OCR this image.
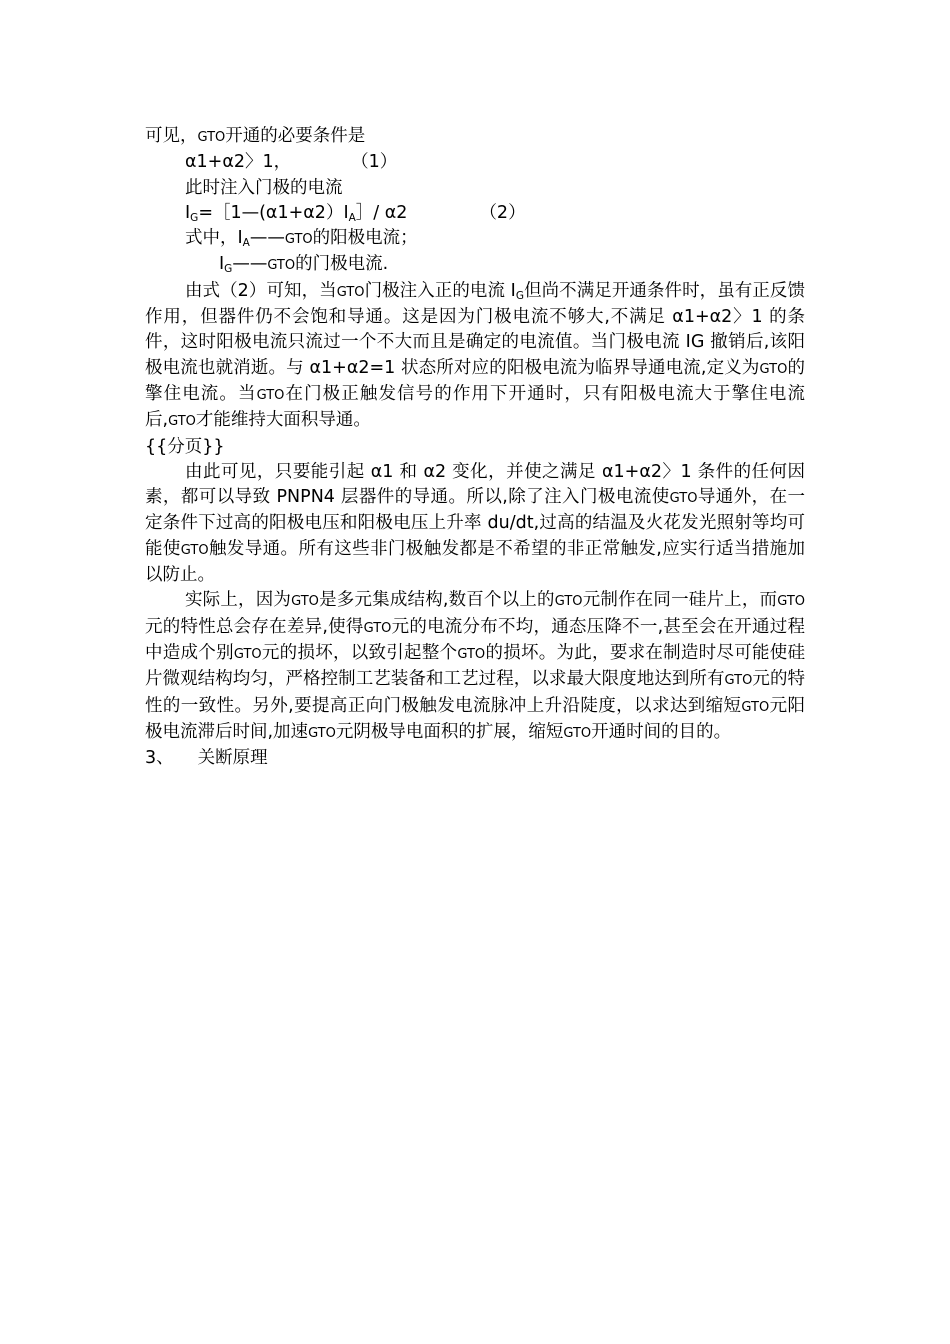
可见，GTO开通的必要条件是
α1+α2〉1，	（1）
此时注入门极的电流
$I_G=[1—(\alpha 1+\alpha 2)I_A]/$ α2	（2）
式中，$I_A——GTO$的阳极电流；
$I_G——GTO$的门极电流.
由式（2）可知，当GTO门极注入正的电流 $I_G$但尚不满足开通条件时，虽有正反馈作用，但器件仍不会饱和导通。这是因为门极电流不够大,不满足 α1+α2〉1 的条件，这时阳极电流只流过一个不大而且是确定的电流值。当门极电流 IG 撤销后,该阳极电流也就消逝。与 α1+α2=1 状态所对应的阳极电流为临界导通电流,定义为GTO的擎住电流。当GTO在门极正触发信号的作用下开通时，只有阳极电流大于擎住电流后,GTO才能维持大面积导通。
{{分页}}
由此可见，只要能引起 α1 和 α2 变化，并使之满足 α1+α2〉1 条件的任何因素，都可以导致 PNPN4 层器件的导通。所以,除了注入门极电流使GTO导通外，在一定条件下过高的阳极电压和阳极电压上升率 du/dt,过高的结温及火花发光照射等均可能使GTO触发导通。所有这些非门极触发都是不希望的非正常触发,应实行适当措施加以防止。
实际上，因为GTO是多元集成结构,数百个以上的GTO元制作在同一硅片上，而GTO元的特性总会存在差异,使得GTO元的电流分布不均，通态压降不一,甚至会在开通过程中造成个别GTO元的损坏，以致引起整个GTO的损坏。为此，要求在制造时尽可能使硅片微观结构均匀，严格控制工艺装备和工艺过程，以求最大限度地达到所有GTO元的特性的一致性。另外,要提高正向门极触发电流脉冲上升沿陡度，以求达到缩短GTO元阳极电流滞后时间,加速GTO元阴极导电面积的扩展，缩短GTO开通时间的目的。
3、 关断原理
